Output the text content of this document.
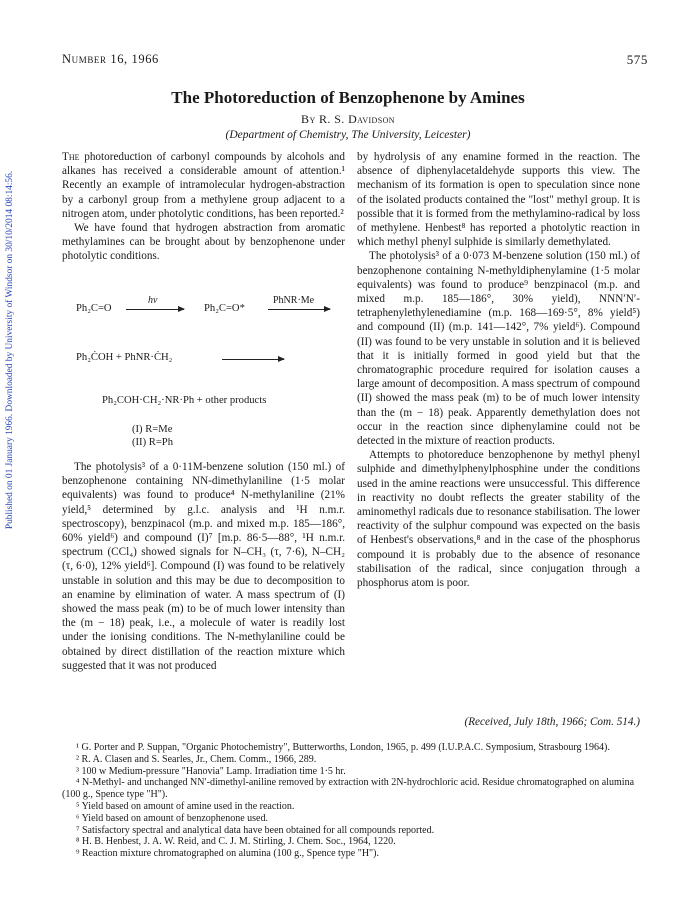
Number 16, 1966	575
Published on 01 January 1966. Downloaded by University of Windsor on 30/10/2014 08:14:56.
The Photoreduction of Benzophenone by Amines
By R. S. Davidson
(Department of Chemistry, The University, Leicester)

The photoreduction of carbonyl compounds by alcohols and alkanes has received a considerable amount of attention.¹ Recently an example of intramolecular hydrogen-abstraction by a carbonyl group from a methylene group adjacent to a nitrogen atom, under photolytic conditions, has been reported.²

We have found that hydrogen abstraction from aromatic methylamines can be brought about by benzophenone under photolytic conditions.

Ph₂C=O
hν
Ph₂C=O*
PhNR·Me
Ph₂ĊOH + PhNR·ĊH₂
Ph₂COH·CH₂·NR·Ph + other products
(I) R=Me
(II) R=Ph

The photolysis³ of a 0·11M-benzene solution (150 ml.) of benzophenone containing NN-dimethylaniline (1·5 molar equivalents) was found to produce⁴ N-methylaniline (21% yield,⁵ determined by g.l.c. analysis and ¹H n.m.r. spectroscopy), benzpinacol (m.p. and mixed m.p. 185—186°, 60% yield⁶) and compound (I)⁷ [m.p. 86·5—88°, ¹H n.m.r. spectrum (CCl₄) showed signals for N–CH₃ (τ, 7·6), N–CH₂ (τ, 6·0), 12% yield⁶]. Compound (I) was found to be relatively unstable in solution and this may be due to decomposition to an enamine by elimination of water. A mass spectrum of (I) showed the mass peak (m) to be of much lower intensity than the (m − 18) peak, i.e., a molecule of water is readily lost under the ionising conditions. The N-methylaniline could be obtained by direct distillation of the reaction mixture which suggested that it was not produced

by hydrolysis of any enamine formed in the reaction. The absence of diphenylacetaldehyde supports this view. The mechanism of its formation is open to speculation since none of the isolated products contained the "lost" methyl group. It is possible that it is formed from the methylamino-radical by loss of methylene. Henbest⁸ has reported a photolytic reaction in which methyl phenyl sulphide is similarly demethylated.

The photolysis³ of a 0·073 M-benzene solution (150 ml.) of benzophenone containing N-methyldiphenylamine (1·5 molar equivalents) was found to produce⁹ benzpinacol (m.p. and mixed m.p. 185—186°, 30% yield), NNN′N′-tetraphenylethylenediamine (m.p. 168—169·5°, 8% yield⁵) and compound (II) (m.p. 141—142°, 7% yield⁶). Compound (II) was found to be very unstable in solution and it is believed that it is initially formed in good yield but that the chromatographic procedure required for isolation causes a large amount of decomposition. A mass spectrum of compound (II) showed the mass peak (m) to be of much lower intensity than the (m − 18) peak. Apparently demethylation does not occur in the reaction since diphenylamine could not be detected in the mixture of reaction products.

Attempts to photoreduce benzophenone by methyl phenyl sulphide and dimethylphenylphosphine under the conditions used in the amine reactions were unsuccessful. This difference in reactivity no doubt reflects the greater stability of the aminomethyl radicals due to resonance stabilisation. The lower reactivity of the sulphur compound was expected on the basis of Henbest's observations,⁸ and in the case of the phosphorus compound it is probably due to the absence of resonance stabilisation of the radical, since conjugation through a phosphorus atom is poor.

(Received, July 18th, 1966; Com. 514.)

¹ G. Porter and P. Suppan, "Organic Photochemistry", Butterworths, London, 1965, p. 499 (I.U.P.A.C. Symposium, Strasbourg 1964).

² R. A. Clasen and S. Searles, Jr., Chem. Comm., 1966, 289.

³ 100 w Medium-pressure "Hanovia" Lamp. Irradiation time 1·5 hr.

⁴ N-Methyl- and unchanged NN′-dimethyl-aniline removed by extraction with 2N-hydrochloric acid. Residue chromatographed on alumina (100 g., Spence type "H").

⁵ Yield based on amount of amine used in the reaction.

⁶ Yield based on amount of benzophenone used.

⁷ Satisfactory spectral and analytical data have been obtained for all compounds reported.

⁸ H. B. Henbest, J. A. W. Reid, and C. J. M. Stirling, J. Chem. Soc., 1964, 1220.

⁹ Reaction mixture chromatographed on alumina (100 g., Spence type "H").
